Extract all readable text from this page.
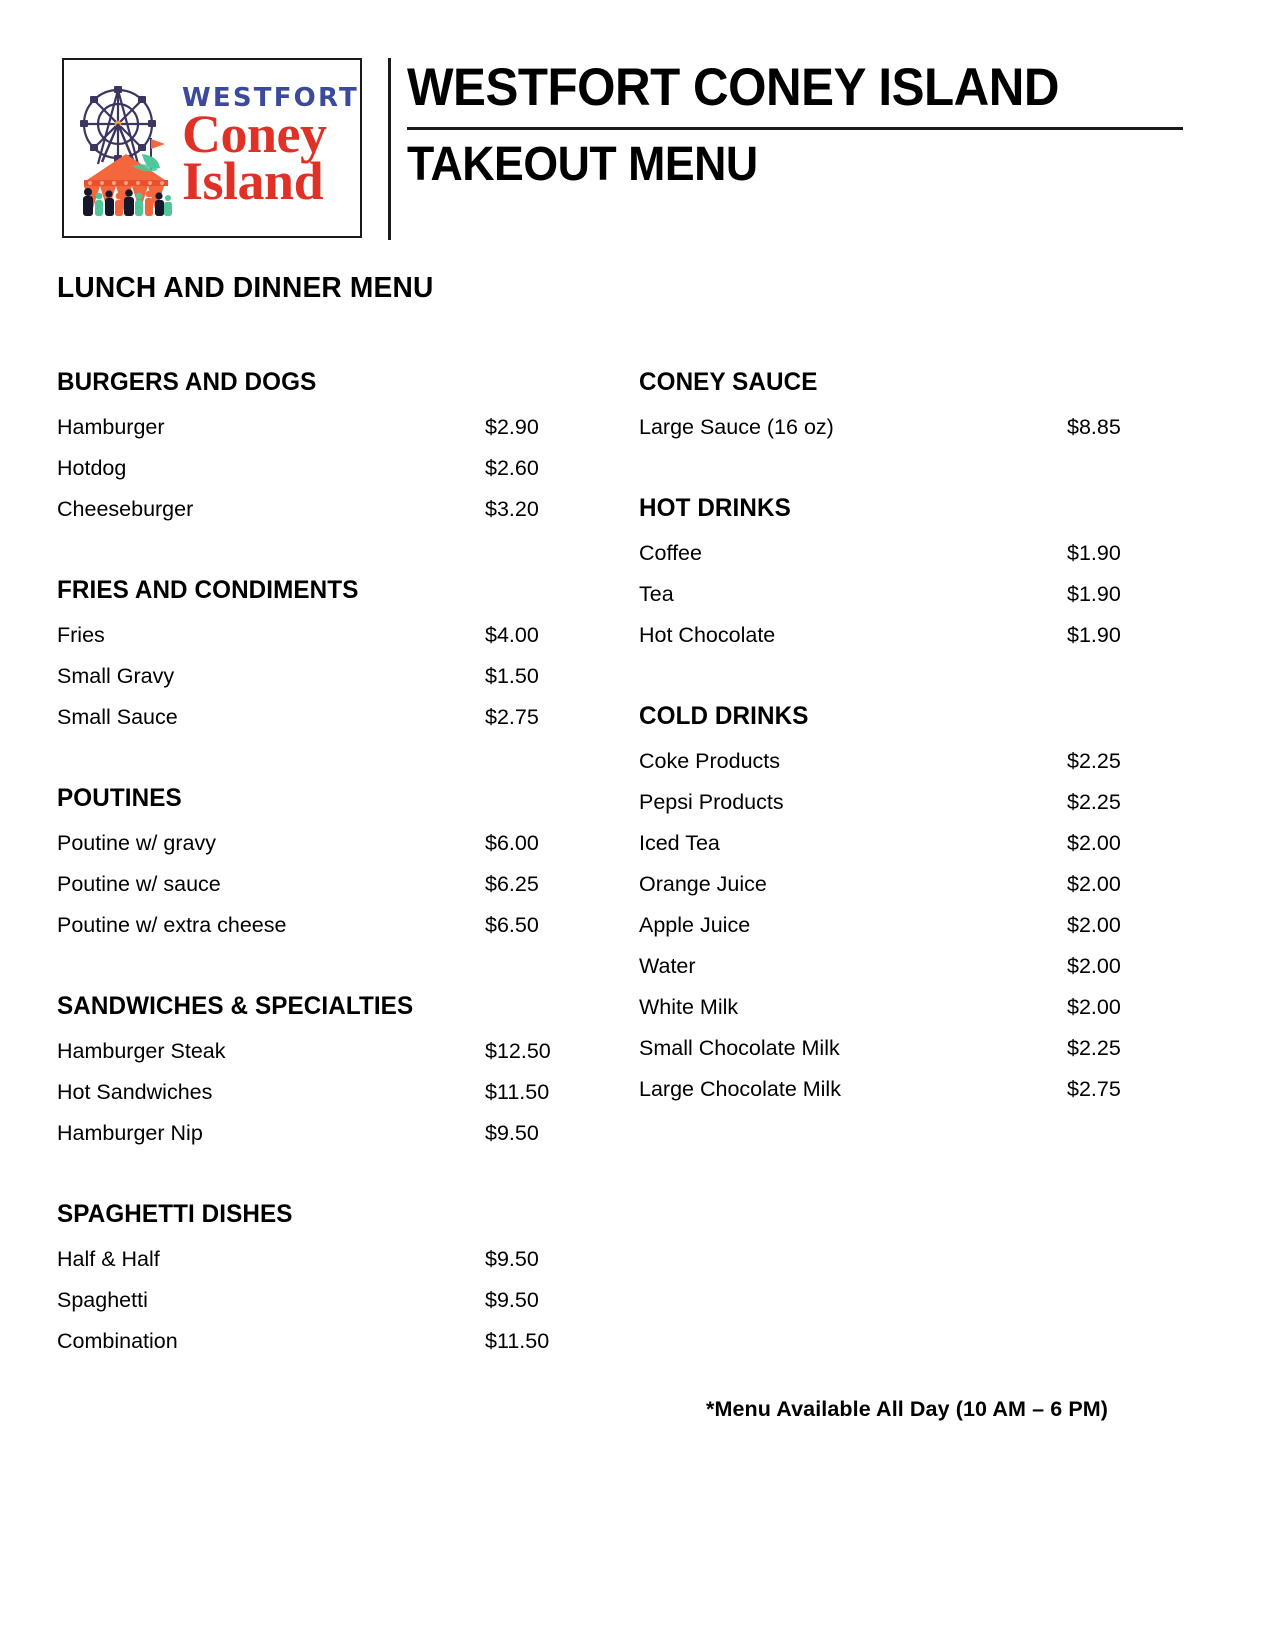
WESTFORT
Coney
Island
WESTFORT CONEY ISLAND
TAKEOUT MENU
LUNCH AND DINNER MENU
BURGERS AND DOGS
Hamburger	$2.90
Hotdog	$2.60
Cheeseburger	$3.20
FRIES AND CONDIMENTS
Fries	$4.00
Small Gravy	$1.50
Small Sauce	$2.75
POUTINES
Poutine w/ gravy	$6.00
Poutine w/ sauce	$6.25
Poutine w/ extra cheese	$6.50
SANDWICHES & SPECIALTIES
Hamburger Steak	$12.50
Hot Sandwiches	$11.50
Hamburger Nip	$9.50
SPAGHETTI DISHES
Half & Half	$9.50
Spaghetti	$9.50
Combination	$11.50
CONEY SAUCE
Large Sauce (16 oz)	$8.85
HOT DRINKS
Coffee	$1.90
Tea	$1.90
Hot Chocolate	$1.90
COLD DRINKS
Coke Products	$2.25
Pepsi Products	$2.25
Iced Tea	$2.00
Orange Juice	$2.00
Apple Juice	$2.00
Water	$2.00
White Milk	$2.00
Small Chocolate Milk	$2.25
Large Chocolate Milk	$2.75
*Menu Available All Day (10 AM – 6 PM)
